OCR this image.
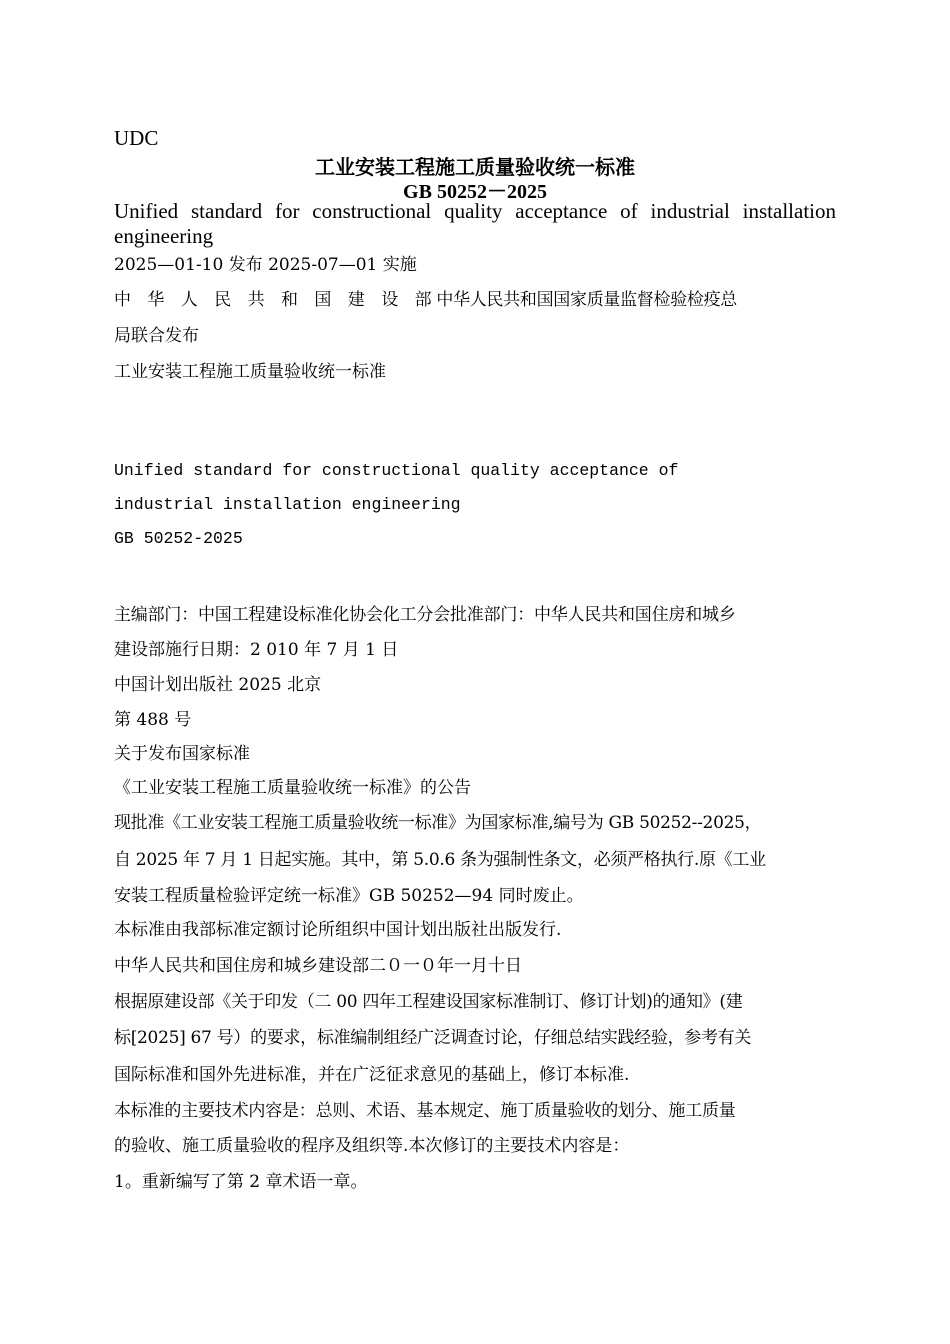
UDC
工业安装工程施工质量验收统一标准
GB 50252－2025
Unified standard for constructional quality acceptance of industrial installation engineering
2025—01-10 发布 2025-07—01 实施
中　华　人　民　共　和　国　建　设　部 中华人民共和国国家质量监督检验检疫总
局联合发布
工业安装工程施工质量验收统一标准
Unified standard for constructional quality acceptance of
industrial installation engineering
GB 50252-2025
主编部门：中国工程建设标准化协会化工分会批准部门：中华人民共和国住房和城乡
建设部施行日期：2 010 年 7 月 1 日
中国计划出版社 2025 北京
第 488 号
关于发布国家标准
《工业安装工程施工质量验收统一标准》的公告
现批准《工业安装工程施工质量验收统一标准》为国家标准,编号为 GB 50252--2025，
自 2025 年 7 月 1 日起实施。其中，第 5.0.6 条为强制性条文，必须严格执行.原《工业
安装工程质量检验评定统一标准》GB 50252—94 同时废止。
本标准由我部标准定额讨论所组织中国计划出版社出版发行.
中华人民共和国住房和城乡建设部二０一０年一月十日
根据原建设部《关于印发（二 00 四年工程建设国家标准制订、修订计划)的通知》(建
标[2025] 67 号）的要求，标准编制组经广泛调查讨论，仔细总结实践经验，参考有关
国际标准和国外先进标准，并在广泛征求意见的基础上，修订本标准.
本标准的主要技术内容是：总则、术语、基本规定、施丁质量验收的划分、施工质量
的验收、施工质量验收的程序及组织等.本次修订的主要技术内容是：
1。重新编写了第 2 章术语一章。
